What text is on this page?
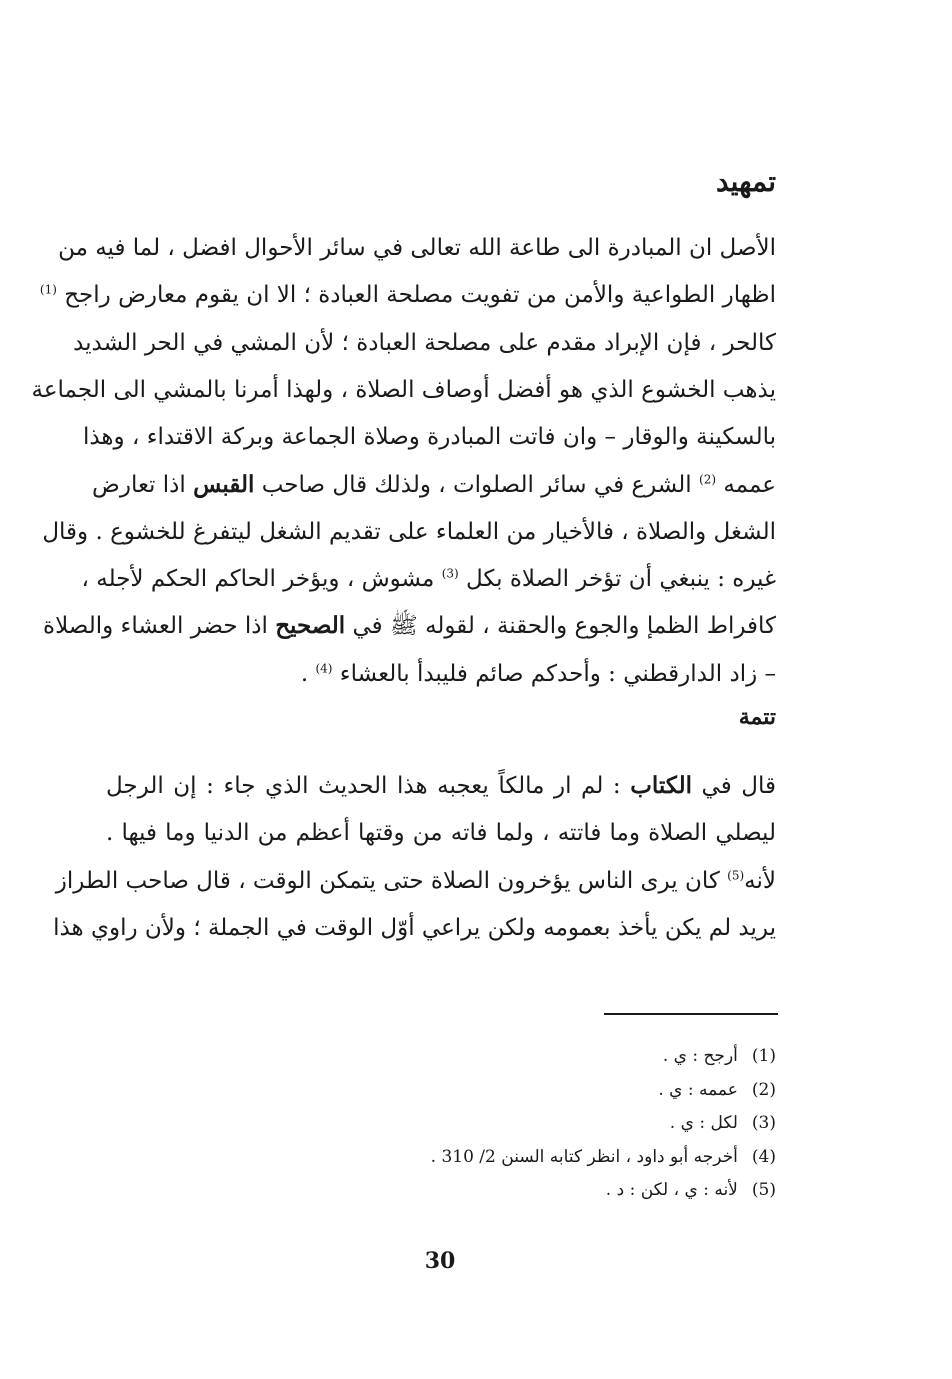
تمهيد
الأصل ان المبادرة الى طاعة الله تعالى في سائر الأحوال افضل ، لما فيه من
اظهار الطواعية والأمن من تفويت مصلحة العبادة ؛ الا ان يقوم معارض راجح $^{(1)}$
كالحر ، فإن الإبراد مقدم على مصلحة العبادة ؛ لأن المشي في الحر الشديد
يذهب الخشوع الذي هو أفضل أوصاف الصلاة ، ولهذا أمرنا بالمشي الى الجماعة
بالسكينة والوقار – وان فاتت المبادرة وصلاة الجماعة وبركة الاقتداء ، وهذا
عممه $^{(2)}$ الشرع في سائر الصلوات ، ولذلك قال صاحب القبس اذا تعارض
الشغل والصلاة ، فالأخيار من العلماء على تقديم الشغل ليتفرغ للخشوع . وقال
غيره : ينبغي أن تؤخر الصلاة بكل $^{(3)}$ مشوش ، ويؤخر الحاكم الحكم لأجله ،
كافراط الظمإ والجوع والحقنة ، لقوله ﷺ في الصحيح اذا حضر العشاء والصلاة
– زاد الدارقطني : وأحدكم صائم فليبدأ بالعشاء $^{(4)}$ .
تتمة
قال في الكتاب : لم ار مالكاً يعجبه هذا الحديث الذي جاء : إن الرجل
ليصلي الصلاة وما فاتته ، ولما فاته من وقتها أعظم من الدنيا وما فيها .
لأنه$^{(5)}$ كان يرى الناس يؤخرون الصلاة حتى يتمكن الوقت ، قال صاحب الطراز
يريد لم يكن يأخذ بعمومه ولكن يراعي أوّل الوقت في الجملة ؛ ولأن راوي هذا
(1)أرجح : ي .
(2)عممه : ي .
(3)لكل : ي .
(4)أخرجه أبو داود ، انظر كتابه السنن 2/ 310 .
(5)لأنه : ي ، لكن : د .
30
